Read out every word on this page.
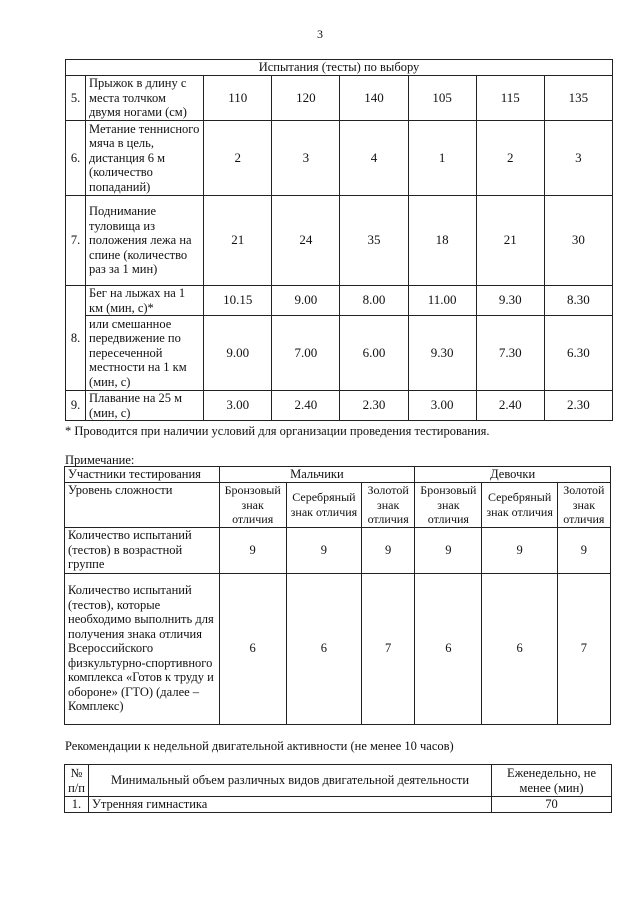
3
Испытания (тесты) по выбору							
5.	Прыжок в длину с места толчком двумя ногами (см)	110	120	140	105	115	135
6.	Метание теннисного мяча в цель, дистанция 6 м (количество попаданий)	2	3	4	1	2	3
7.	Поднимание туловища из положения лежа на спине (количество раз за 1 мин)	21	24	35	18	21	30
8.	Бег на лыжах на 1 км (мин, с)*	10.15	9.00	8.00	11.00	9.30	8.30
	или смешанное передвижение по пересеченной местности на 1 км (мин, с)	9.00	7.00	6.00	9.30	7.30	6.30
9.	Плавание на 25 м (мин, с)	3.00	2.40	2.30	3.00	2.40	2.30
* Проводится при наличии условий для организации проведения тестирования.
Примечание:
Участники тестирования	Мальчики			Девочки		
Уровень сложности	Бронзовый знак отличия	Серебряный знак отличия	Золотой знак отличия	Бронзовый знак отличия	Серебряный знак отличия	Золотой знак отличия
Количество испытаний (тестов) в возрастной группе	9	9	9	9	9	9
Количество испытаний (тестов), которые необходимо выполнить для получения знака отличия Всероссийского физкультурно-спортивного комплекса «Готов к труду и обороне» (ГТО) (далее – Комплекс)	6	6	7	6	6	7
Рекомендации к недельной двигательной активности (не менее 10 часов)
№ п/п	Минимальный объем различных видов двигательной деятельности	Еженедельно, не менее (мин)
1.	Утренняя гимнастика	70
